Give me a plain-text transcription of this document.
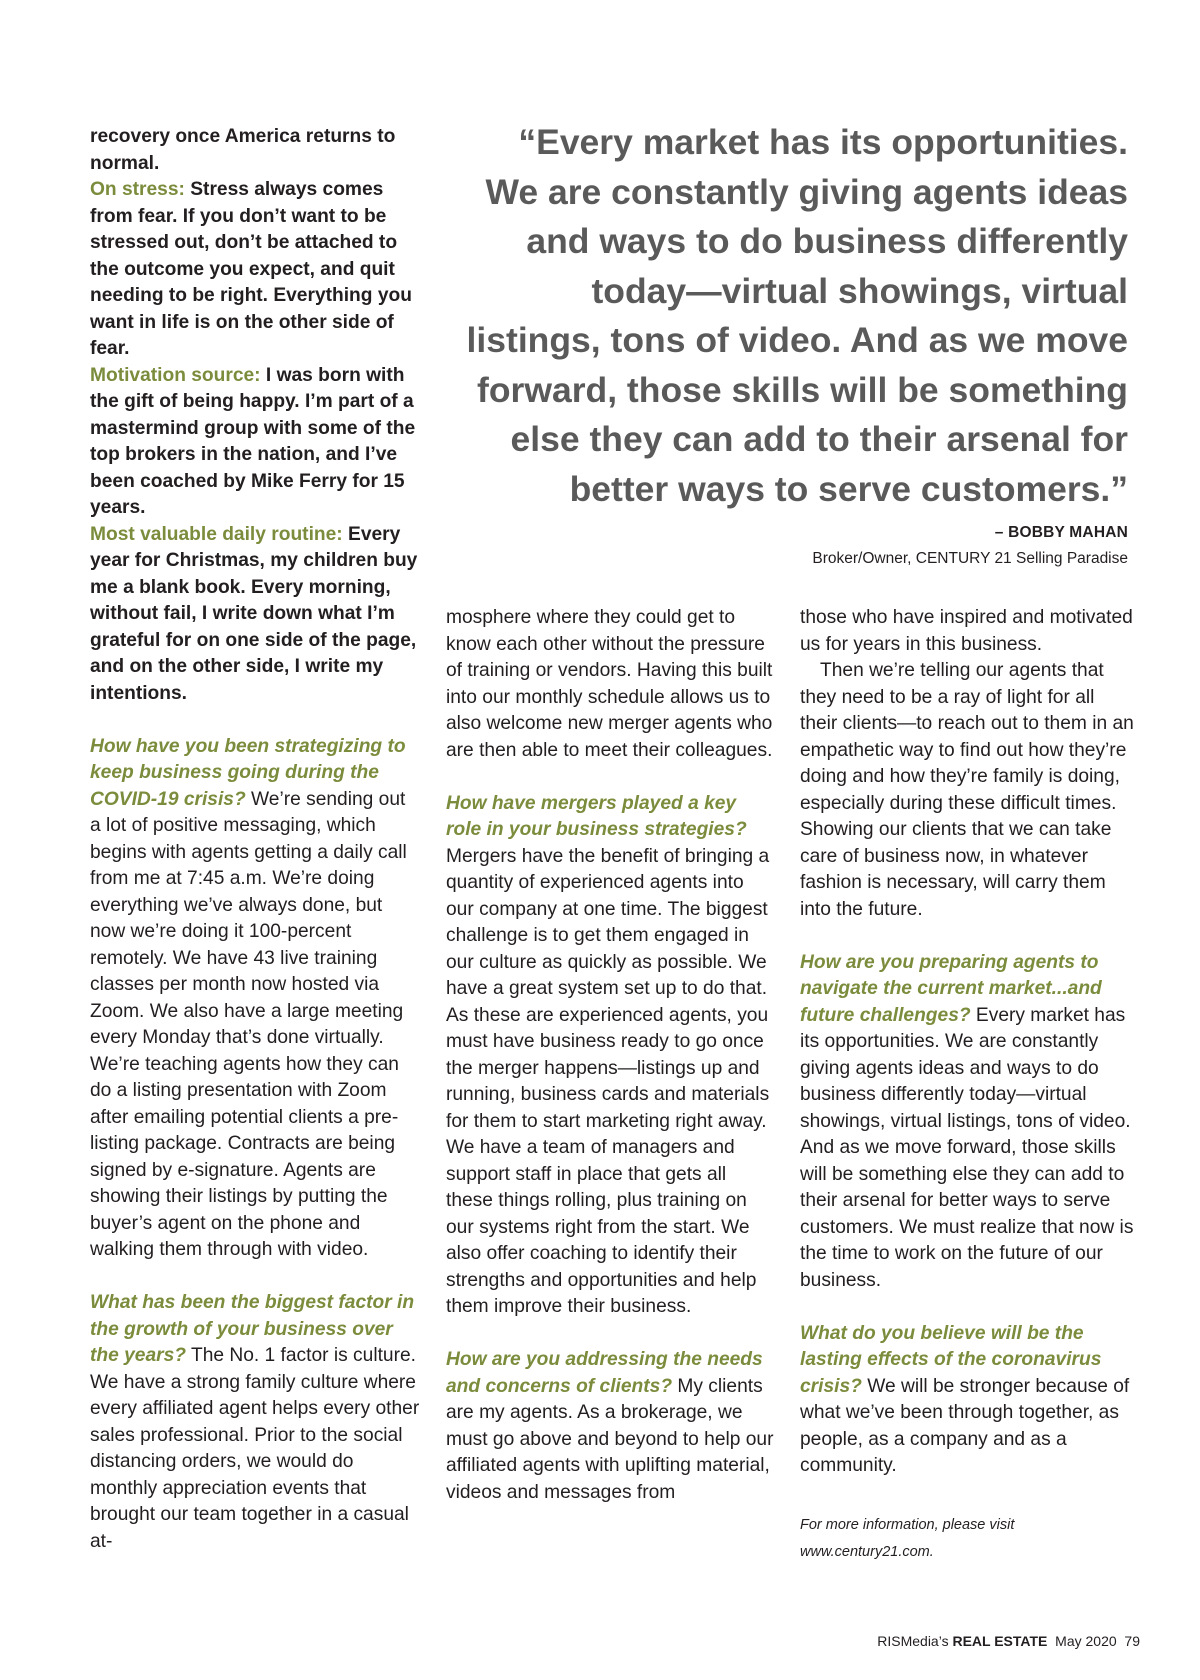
recovery once America returns to normal.

On stress: Stress always comes from fear. If you don’t want to be stressed out, don’t be attached to the outcome you expect, and quit needing to be right. Everything you want in life is on the other side of fear.

Motivation source: I was born with the gift of being happy. I’m part of a mastermind group with some of the top brokers in the nation, and I’ve been coached by Mike Ferry for 15 years.

Most valuable daily routine: Every year for Christmas, my children buy me a blank book. Every morning, without fail, I write down what I’m grateful for on one side of the page, and on the other side, I write my intentions.

How have you been strategizing to keep business going during the COVID-19 crisis? We’re sending out a lot of positive messaging, which begins with agents getting a daily call from me at 7:45 a.m. We’re doing everything we’ve always done, but now we’re doing it 100-percent remotely. We have 43 live training classes per month now hosted via Zoom. We also have a large meeting every Monday that’s done virtually. We’re teaching agents how they can do a listing presentation with Zoom after emailing potential clients a pre-listing package. Contracts are being signed by e-signature. Agents are showing their listings by putting the buyer’s agent on the phone and walking them through with video.

What has been the biggest factor in the growth of your business over the years? The No. 1 factor is culture. We have a strong family culture where every affiliated agent helps every other sales professional. Prior to the social distancing orders, we would do monthly appreciation events that brought our team together in a casual at-

“Every market has its opportunities. We are constantly giving agents ideas and ways to do business differently today—virtual showings, virtual listings, tons of video. And as we move forward, those skills will be something else they can add to their arsenal for better ways to serve customers.”

– BOBBY MAHAN
Broker/Owner, CENTURY 21 Selling Paradise

mosphere where they could get to know each other without the pressure of training or vendors. Having this built into our monthly schedule allows us to also welcome new merger agents who are then able to meet their colleagues.

How have mergers played a key role in your business strategies? Mergers have the benefit of bringing a quantity of experienced agents into our company at one time. The biggest challenge is to get them engaged in our culture as quickly as possible. We have a great system set up to do that. As these are experienced agents, you must have business ready to go once the merger happens—listings up and running, business cards and materials for them to start marketing right away. We have a team of managers and support staff in place that gets all these things rolling, plus training on our systems right from the start. We also offer coaching to identify their strengths and opportunities and help them improve their business.

How are you addressing the needs and concerns of clients? My clients are my agents. As a brokerage, we must go above and beyond to help our affiliated agents with uplifting material, videos and messages from

those who have inspired and motivated us for years in this business.

Then we’re telling our agents that they need to be a ray of light for all their clients—to reach out to them in an empathetic way to find out how they’re doing and how they’re family is doing, especially during these difficult times. Showing our clients that we can take care of business now, in whatever fashion is necessary, will carry them into the future.

How are you preparing agents to navigate the current market...and future challenges? Every market has its opportunities. We are constantly giving agents ideas and ways to do business differently today—virtual showings, virtual listings, tons of video. And as we move forward, those skills will be something else they can add to their arsenal for better ways to serve customers. We must realize that now is the time to work on the future of our business.

What do you believe will be the lasting effects of the coronavirus crisis? We will be stronger because of what we’ve been through together, as people, as a company and as a community.

For more information, please visit www.century21.com.
RISMedia’s REAL ESTATE May 2020 79
